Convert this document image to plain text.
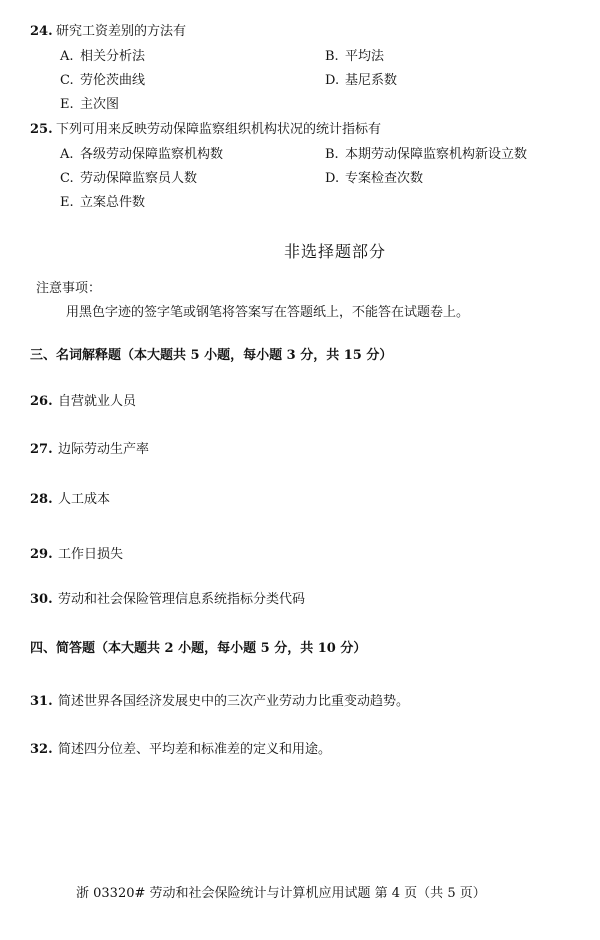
24. 研究工资差别的方法有
A. 相关分析法	B. 平均法
C. 劳伦茨曲线	D. 基尼系数
E. 主次图
25. 下列可用来反映劳动保障监察组织机构状况的统计指标有
A. 各级劳动保障监察机构数	B. 本期劳动保障监察机构新设立数
C. 劳动保障监察员人数	D. 专案检查次数
E. 立案总件数
非选择题部分
注意事项：
用黑色字迹的签字笔或钢笔将答案写在答题纸上，不能答在试题卷上。
三、名词解释题（本大题共 5 小题，每小题 3 分，共 15 分）
26. 自营就业人员
27. 边际劳动生产率
28. 人工成本
29. 工作日损失
30. 劳动和社会保险管理信息系统指标分类代码
四、简答题（本大题共 2 小题，每小题 5 分，共 10 分）
31. 简述世界各国经济发展史中的三次产业劳动力比重变动趋势。
32. 简述四分位差、平均差和标准差的定义和用途。
浙 03320# 劳动和社会保险统计与计算机应用试题 第 4 页（共 5 页）
